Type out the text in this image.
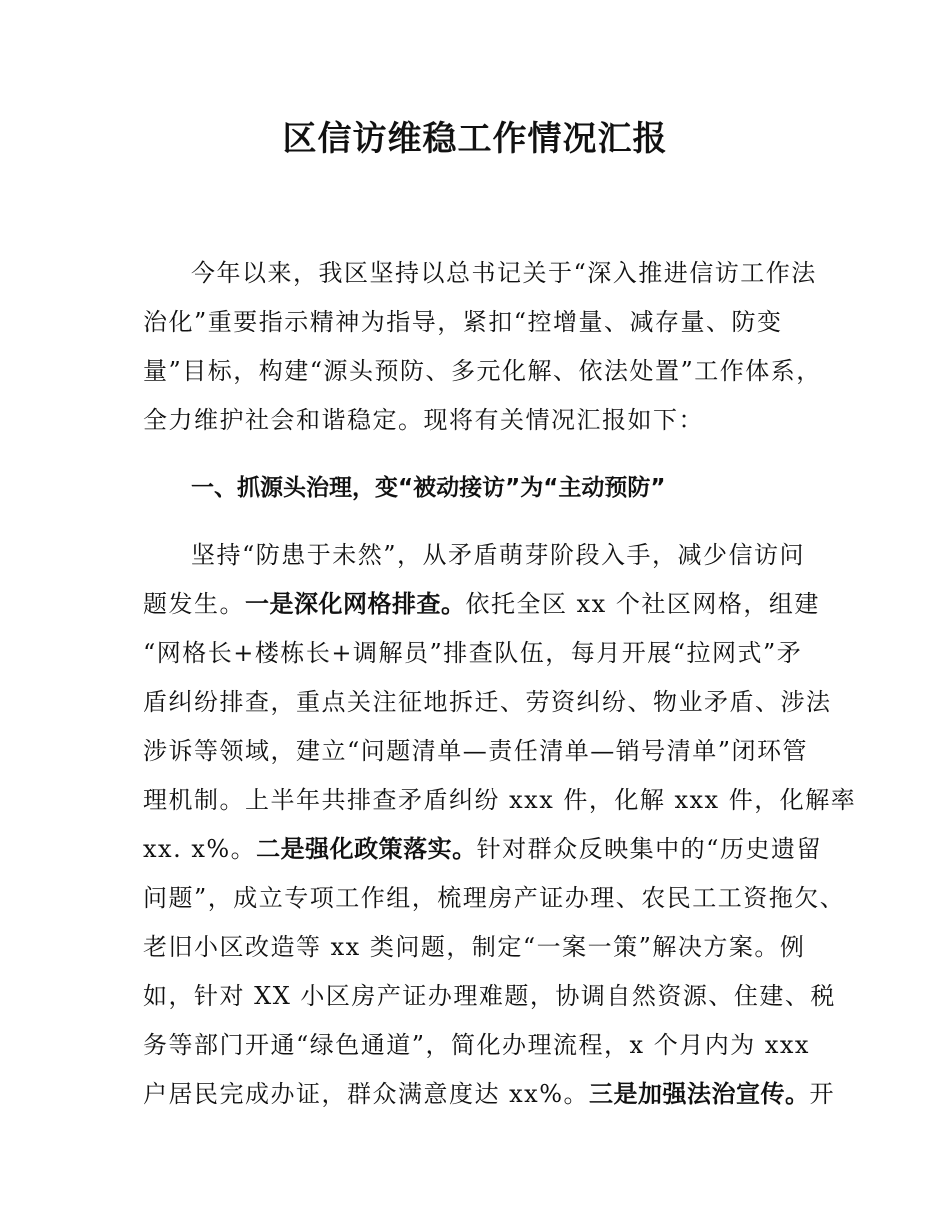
区信访维稳工作情况汇报

今年以来，我区坚持以总书记关于“深入推进信访工作法

治化”重要指示精神为指导，紧扣“控增量、减存量、防变

量”目标，构建“源头预防、多元化解、依法处置”工作体系，

全力维护社会和谐稳定。现将有关情况汇报如下：

一、抓源头治理，变“被动接访”为“主动预防”

坚持“防患于未然”，从矛盾萌芽阶段入手，减少信访问

题发生。一是深化网格排查。依托全区 xx 个社区网格，组建

“网格长+楼栋长+调解员”排查队伍，每月开展“拉网式”矛

盾纠纷排查，重点关注征地拆迁、劳资纠纷、物业矛盾、涉法

涉诉等领域，建立“问题清单—责任清单—销号清单”闭环管

理机制。上半年共排查矛盾纠纷 xxx 件，化解 xxx 件，化解率

xx. x%。二是强化政策落实。针对群众反映集中的“历史遗留

问题”，成立专项工作组，梳理房产证办理、农民工工资拖欠、

老旧小区改造等 xx 类问题，制定“一案一策”解决方案。例

如，针对 XX 小区房产证办理难题，协调自然资源、住建、税

务等部门开通“绿色通道”，简化办理流程，x 个月内为 xxx

户居民完成办证，群众满意度达 xx%。三是加强法治宣传。开
